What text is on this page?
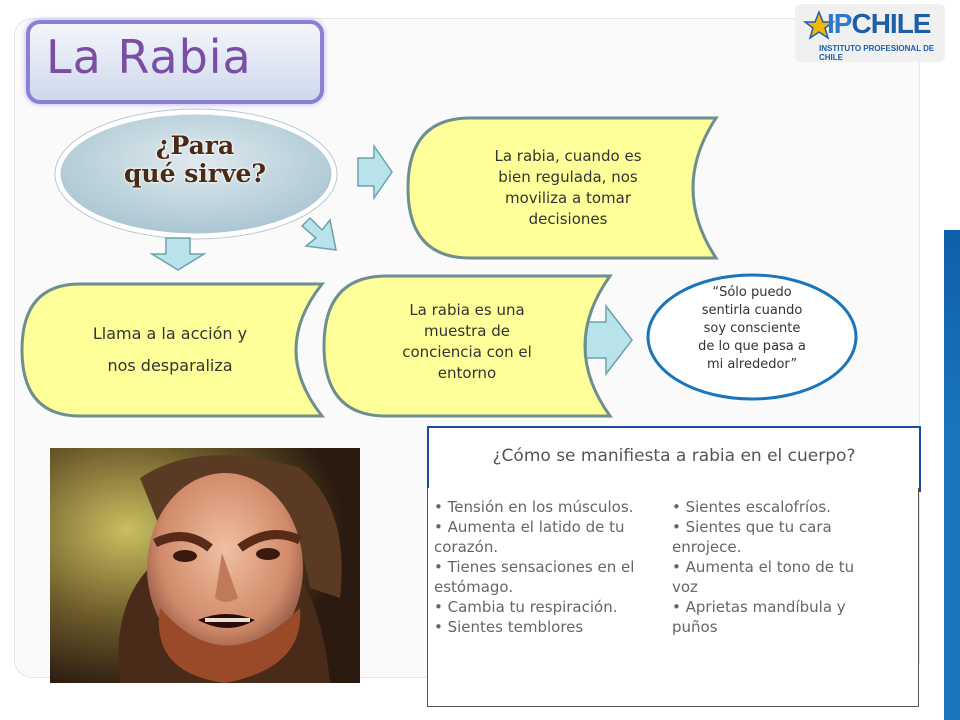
La Rabia
IPCHILE
INSTITUTO PROFESIONAL DE CHILE
¿Para
qué sirve?
La rabia, cuando es
bien regulada, nos
moviliza a tomar
decisiones
Llama a la acción y
nos desparaliza
La rabia es una
muestra de
conciencia con el
entorno
“Sólo puedo
sentirla cuando
soy consciente
de lo que pasa a
mi alrededor”
¿Cómo se manifiesta a rabia en el cuerpo?
• Tensión en los músculos.
• Aumenta el latido de tu
corazón.
• Tienes sensaciones en el
estómago.
• Cambia tu respiración.
• Sientes temblores
• Sientes escalofríos.
• Sientes que tu cara
enrojece.
• Aumenta el tono de tu
voz
• Aprietas mandíbula y
puños
